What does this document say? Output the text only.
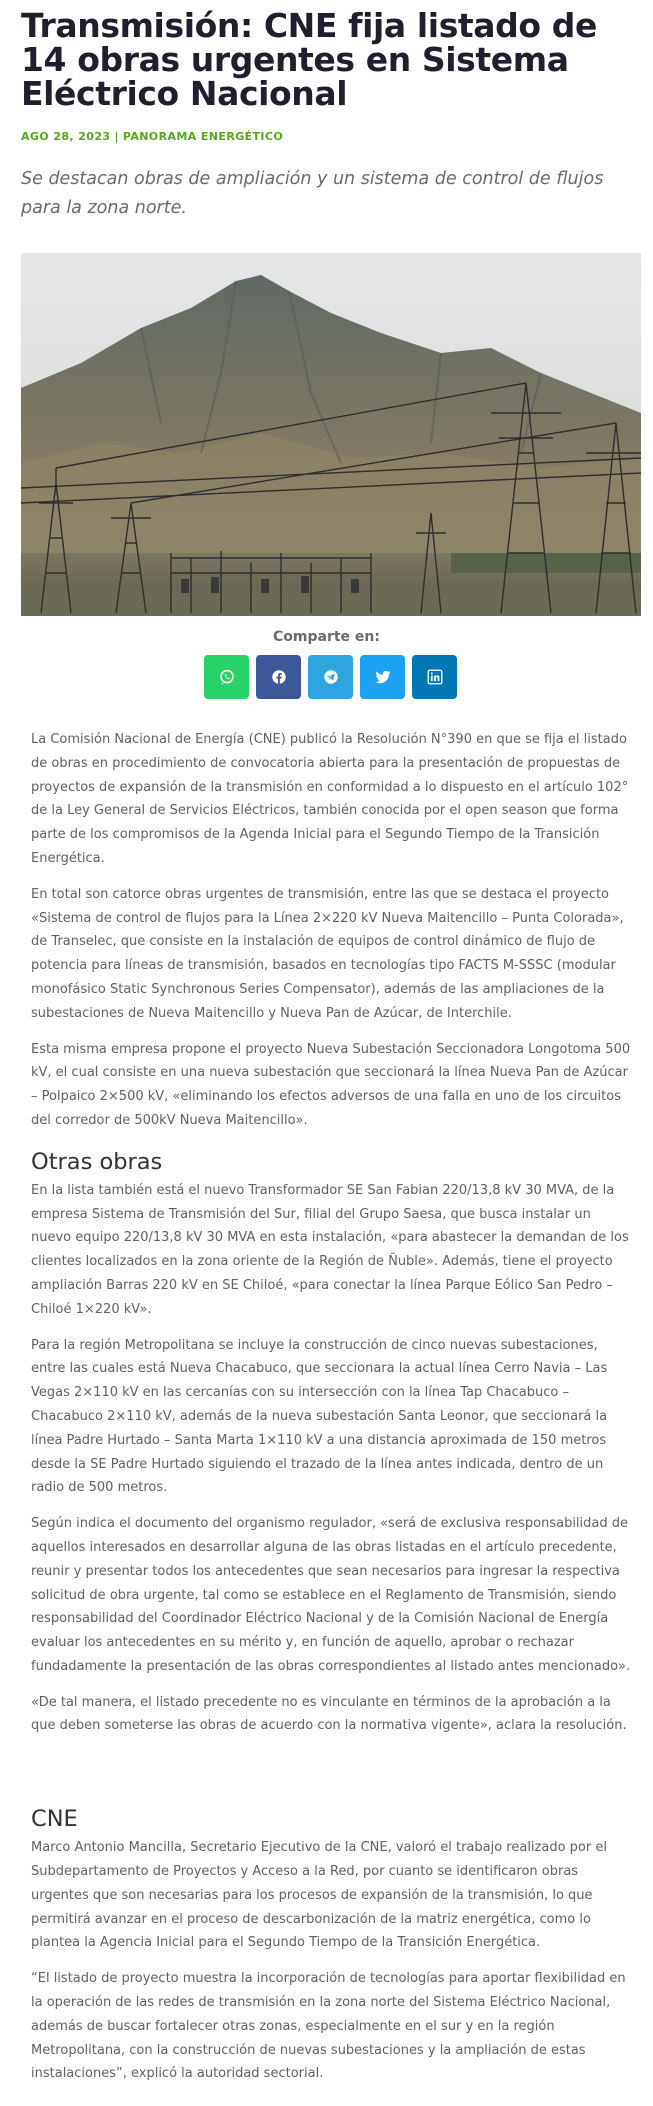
Transmisión: CNE fija listado de 14 obras urgentes en Sistema Eléctrico Nacional
AGO 28, 2023 | PANORAMA ENERGÉTICO

Se destacan obras de ampliación y un sistema de control de flujos para la zona norte.

Comparte en:

La Comisión Nacional de Energía (CNE) publicó la Resolución N°390 en que se fija el listado de obras en procedimiento de convocatoria abierta para la presentación de propuestas de proyectos de expansión de la transmisión en conformidad a lo dispuesto en el artículo 102° de la Ley General de Servicios Eléctricos, también conocida por el open season que forma parte de los compromisos de la Agenda Inicial para el Segundo Tiempo de la Transición Energética.

En total son catorce obras urgentes de transmisión, entre las que se destaca el proyecto «Sistema de control de flujos para la Línea 2×220 kV Nueva Maitencillo – Punta Colorada», de Transelec, que consiste en la instalación de equipos de control dinámico de flujo de potencia para líneas de transmisión, basados en tecnologías tipo FACTS M-SSSC (modular monofásico Static Synchronous Series Compensator), además de las ampliaciones de la subestaciones de Nueva Maitencillo y Nueva Pan de Azúcar, de Interchile.

Esta misma empresa propone el proyecto Nueva Subestación Seccionadora Longotoma 500 kV, el cual consiste en una nueva subestación que seccionará la línea Nueva Pan de Azúcar – Polpaico 2×500 kV, «eliminando los efectos adversos de una falla en uno de los circuitos del corredor de 500kV Nueva Maitencillo».

Otras obras

En la lista también está el nuevo Transformador SE San Fabian 220/13,8 kV 30 MVA, de la empresa Sistema de Transmisión del Sur, filial del Grupo Saesa, que busca instalar un nuevo equipo 220/13,8 kV 30 MVA en esta instalación, «para abastecer la demandan de los clientes localizados en la zona oriente de la Región de Ñuble». Además, tiene el proyecto ampliación Barras 220 kV en SE Chiloé, «para conectar la línea Parque Eólico San Pedro – Chiloé 1×220 kV».

Para la región Metropolitana se incluye la construcción de cinco nuevas subestaciones, entre las cuales está Nueva Chacabuco, que seccionara la actual línea Cerro Navia – Las Vegas 2×110 kV en las cercanías con su intersección con la línea Tap Chacabuco – Chacabuco 2×110 kV, además de la nueva subestación Santa Leonor, que seccionará la línea Padre Hurtado – Santa Marta 1×110 kV a una distancia aproximada de 150 metros desde la SE Padre Hurtado siguiendo el trazado de la línea antes indicada, dentro de un radio de 500 metros.

Según indica el documento del organismo regulador, «será de exclusiva responsabilidad de aquellos interesados en desarrollar alguna de las obras listadas en el artículo precedente, reunir y presentar todos los antecedentes que sean necesarios para ingresar la respectiva solicitud de obra urgente, tal como se establece en el Reglamento de Transmisión, siendo responsabilidad del Coordinador Eléctrico Nacional y de la Comisión Nacional de Energía evaluar los antecedentes en su mérito y, en función de aquello, aprobar o rechazar fundadamente la presentación de las obras correspondientes al listado antes mencionado».

«De tal manera, el listado precedente no es vinculante en términos de la aprobación a la que deben someterse las obras de acuerdo con la normativa vigente», aclara la resolución.

CNE

Marco Antonio Mancilla, Secretario Ejecutivo de la CNE, valoró el trabajo realizado por el Subdepartamento de Proyectos y Acceso a la Red, por cuanto se identificaron obras urgentes que son necesarias para los procesos de expansión de la transmisión, lo que permitirá avanzar en el proceso de descarbonización de la matriz energética, como lo plantea la Agencia Inicial para el Segundo Tiempo de la Transición Energética.

“El listado de proyecto muestra la incorporación de tecnologías para aportar flexibilidad en la operación de las redes de transmisión en la zona norte del Sistema Eléctrico Nacional, además de buscar fortalecer otras zonas, especialmente en el sur y en la región Metropolitana, con la construcción de nuevas subestaciones y la ampliación de estas instalaciones”, explicó la autoridad sectorial.
